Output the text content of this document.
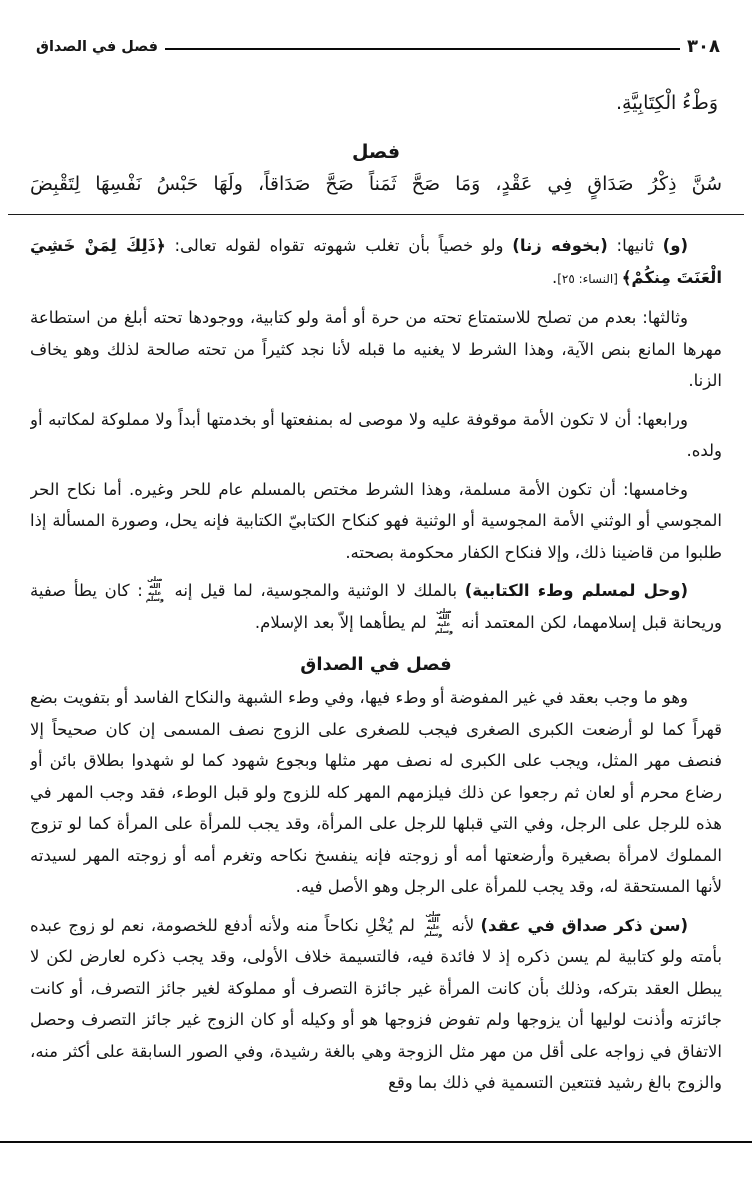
٣٠٨
فصل في الصداق

وَطْءُ الْكِتَابِيَّةِ.

فصل

سُنَّ ذِكْرُ صَدَاقٍ فِي عَقْدٍ، وَمَا صَحَّ ثَمَناً صَحَّ صَدَاقاً، ولَهَا حَبْسُ نَفْسِهَا لِتَقْبِضَ

(و) ثانيها: (بخوفه زنا) ولو خصياً بأن تغلب شهوته تقواه لقوله تعالى: ﴿ذَلِكَ لِمَنْ خَشِيَ الْعَنَتَ مِنكُمْ﴾ [النساء: ٢٥].

وثالثها: بعدم من تصلح للاستمتاع تحته من حرة أو أمة ولو كتابية، ووجودها تحته أبلغ من استطاعة مهرها المانع بنص الآية، وهذا الشرط لا يغنيه ما قبله لأنا نجد كثيراً من تحته صالحة لذلك وهو يخاف الزنا.

ورابعها: أن لا تكون الأمة موقوفة عليه ولا موصى له بمنفعتها أو بخدمتها أبداً ولا مملوكة لمكاتبه أو ولده.

وخامسها: أن تكون الأمة مسلمة، وهذا الشرط مختص بالمسلم عام للحر وغيره. أما نكاح الحر المجوسي أو الوثني الأمة المجوسية أو الوثنية فهو كنكاح الكتابيّ الكتابية فإنه يحل، وصورة المسألة إذا طلبوا من قاضينا ذلك، وإلا فنكاح الكفار محكومة بصحته.

(وحل لمسلم وطء الكتابية) بالملك لا الوثنية والمجوسية، لما قيل إنه صلى الله عليه وسلم: كان يطأ صفية وريحانة قبل إسلامهما، لكن المعتمد أنه صلى الله عليه وسلم لم يطأهما إلاّ بعد الإسلام.

فصل في الصداق

وهو ما وجب بعقد في غير المفوضة أو وطء فيها، وفي وطء الشبهة والنكاح الفاسد أو بتفويت بضع قهراً كما لو أرضعت الكبرى الصغرى فيجب للصغرى على الزوج نصف المسمى إن كان صحيحاً إلا فنصف مهر المثل، ويجب على الكبرى له نصف مهر مثلها وبجوع شهود كما لو شهدوا بطلاق بائن أو رضاع محرم أو لعان ثم رجعوا عن ذلك فيلزمهم المهر كله للزوج ولو قبل الوطء، فقد وجب المهر في هذه للرجل على الرجل، وفي التي قبلها للرجل على المرأة، وقد يجب للمرأة على المرأة كما لو تزوج المملوك لامرأة بصغيرة وأرضعتها أمه أو زوجته فإنه ينفسخ نكاحه وتغرم أمه أو زوجته المهر لسيدته لأنها المستحقة له، وقد يجب للمرأة على الرجل وهو الأصل فيه.

(سن ذكر صداق في عقد) لأنه صلى الله عليه وسلم لم يُخْلِ نكاحاً منه ولأنه أدفع للخصومة، نعم لو زوج عبده بأمته ولو كتابية لم يسن ذكره إذ لا فائدة فيه، فالتسيمة خلاف الأولى، وقد يجب ذكره لعارض لكن لا يبطل العقد بتركه، وذلك بأن كانت المرأة غير جائزة التصرف أو مملوكة لغير جائز التصرف، أو كانت جائزته وأذنت لوليها أن يزوجها ولم تفوض فزوجها هو أو وكيله أو كان الزوج غير جائز التصرف وحصل الاتفاق في زواجه على أقل من مهر مثل الزوجة وهي بالغة رشيدة، وفي الصور السابقة على أكثر منه، والزوج بالغ رشيد فتتعين التسمية في ذلك بما وقع
